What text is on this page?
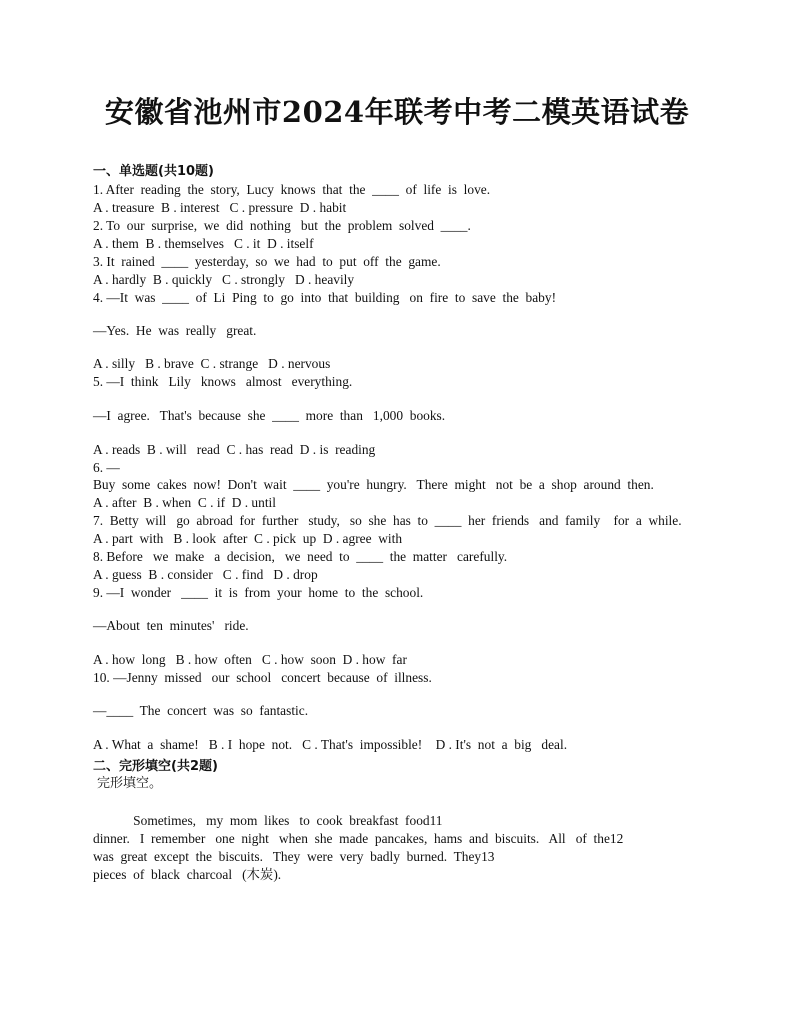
安徽省池州市2024年联考中考二模英语试卷
一、单选题(共10题)
1. After  reading  the  story,  Lucy  knows  that  the  ____  of  life  is  love.
A . treasure  B . interest   C . pressure  D . habit
2. To  our  surprise,  we  did  nothing   but  the  problem  solved  ____.
A . them  B . themselves   C . it  D . itself
3. It  rained  ____  yesterday,  so  we  had  to  put  off  the  game.
A . hardly  B . quickly   C . strongly   D . heavily
4. —It  was  ____  of  Li  Ping  to  go  into  that  building   on  fire  to  save  the  baby!
—Yes.  He  was  really   great.
A . silly   B . brave  C . strange   D . nervous
5. —I  think   Lily   knows   almost   everything.
—I  agree.   That's  because  she  ____  more  than   1,000  books.
A . reads  B . will   read  C . has  read  D . is  reading
6. —
Buy  some  cakes  now!  Don't  wait  ____  you're  hungry.   There  might   not  be  a  shop  around  then.
A . after  B . when  C . if  D . until
7.  Betty  will   go  abroad  for  further   study,   so  she  has  to  ____  her  friends   and  family    for  a  while.
A . part  with   B . look  after  C . pick  up  D . agree  with
8. Before   we  make   a  decision,   we  need  to  ____  the  matter   carefully.
A . guess  B . consider   C . find   D . drop
9. —I  wonder   ____  it  is  from  your  home  to  the  school.
—About  ten  minutes'   ride.
A . how  long   B . how  often   C . how  soon  D . how  far
10. —Jenny  missed   our  school   concert  because  of  illness.
—____  The  concert  was  so  fantastic.
A . What  a  shame!   B . I  hope  not.   C . That's  impossible!    D . It's  not  a  big   deal.
二、完形填空(共2题)
完形填空。
Sometimes,   my  mom  likes   to  cook  breakfast  food11
dinner.   I  remember   one  night   when  she  made  pancakes,  hams  and  biscuits.   All   of  the12
was  great  except  the  biscuits.   They  were  very  badly  burned.  They13
pieces  of  black  charcoal   (木炭).
